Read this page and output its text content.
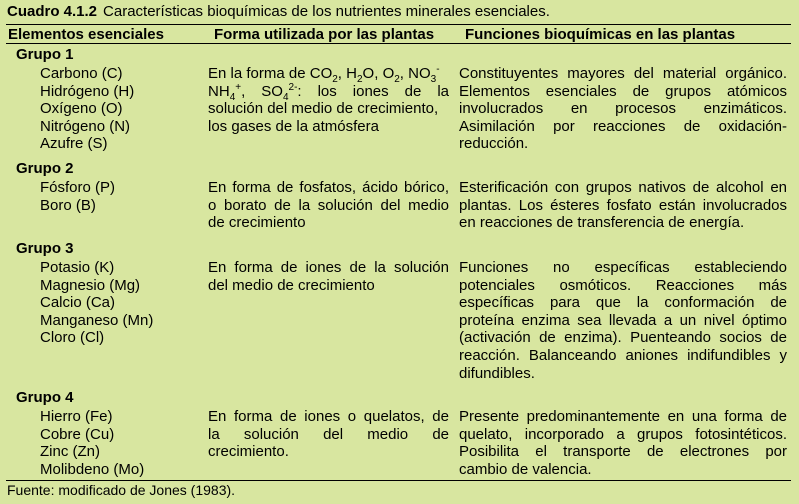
Cuadro 4.1.2 Características bioquímicas de los nutrientes minerales esenciales.
Elementos esenciales	Forma utilizada por las plantas Funciones bioquímicas en las plantas
Grupo 1
Carbono (C)
Hidrógeno (H)
Oxígeno (O)
Nitrógeno (N)
Azufre (S)
En la forma de $CO_2$, $H_2O$, $O_2$, $NO_3^-$
$NH_4^+$, $SO_4^{2-}$: los iones de la
solución del medio de crecimiento,
los gases de la atmósfera
Constituyentes mayores del material orgánico.
Elementos esenciales de grupos atómicos
involucrados en procesos enzimáticos.
Asimilación por reacciones de oxidación-
reducción.
Grupo 2
Fósforo (P)
Boro (B)
En forma de fosfatos, ácido bórico,
o borato de la solución del medio
de crecimiento
Esterificación con grupos nativos de alcohol en
plantas. Los ésteres fosfato están involucrados
en reacciones de transferencia de energía.
Grupo 3
Potasio (K)
Magnesio (Mg)
Calcio (Ca)
Manganeso (Mn)
Cloro (Cl)
En forma de iones de la solución
del medio de crecimiento
Funciones no específicas estableciendo
potenciales osmóticos. Reacciones más
específicas para que la conformación de
proteína enzima sea llevada a un nivel óptimo
(activación de enzima). Puenteando socios de
reacción. Balanceando aniones indifundibles y
difundibles.
Grupo 4
Hierro (Fe)
Cobre (Cu)
Zinc (Zn)
Molibdeno (Mo)
En forma de iones o quelatos, de
la solución del medio de
crecimiento.
Presente predominantemente en una forma de
quelato, incorporado a grupos fotosintéticos.
Posibilita el transporte de electrones por
cambio de valencia.
Fuente: modificado de Jones (1983).
